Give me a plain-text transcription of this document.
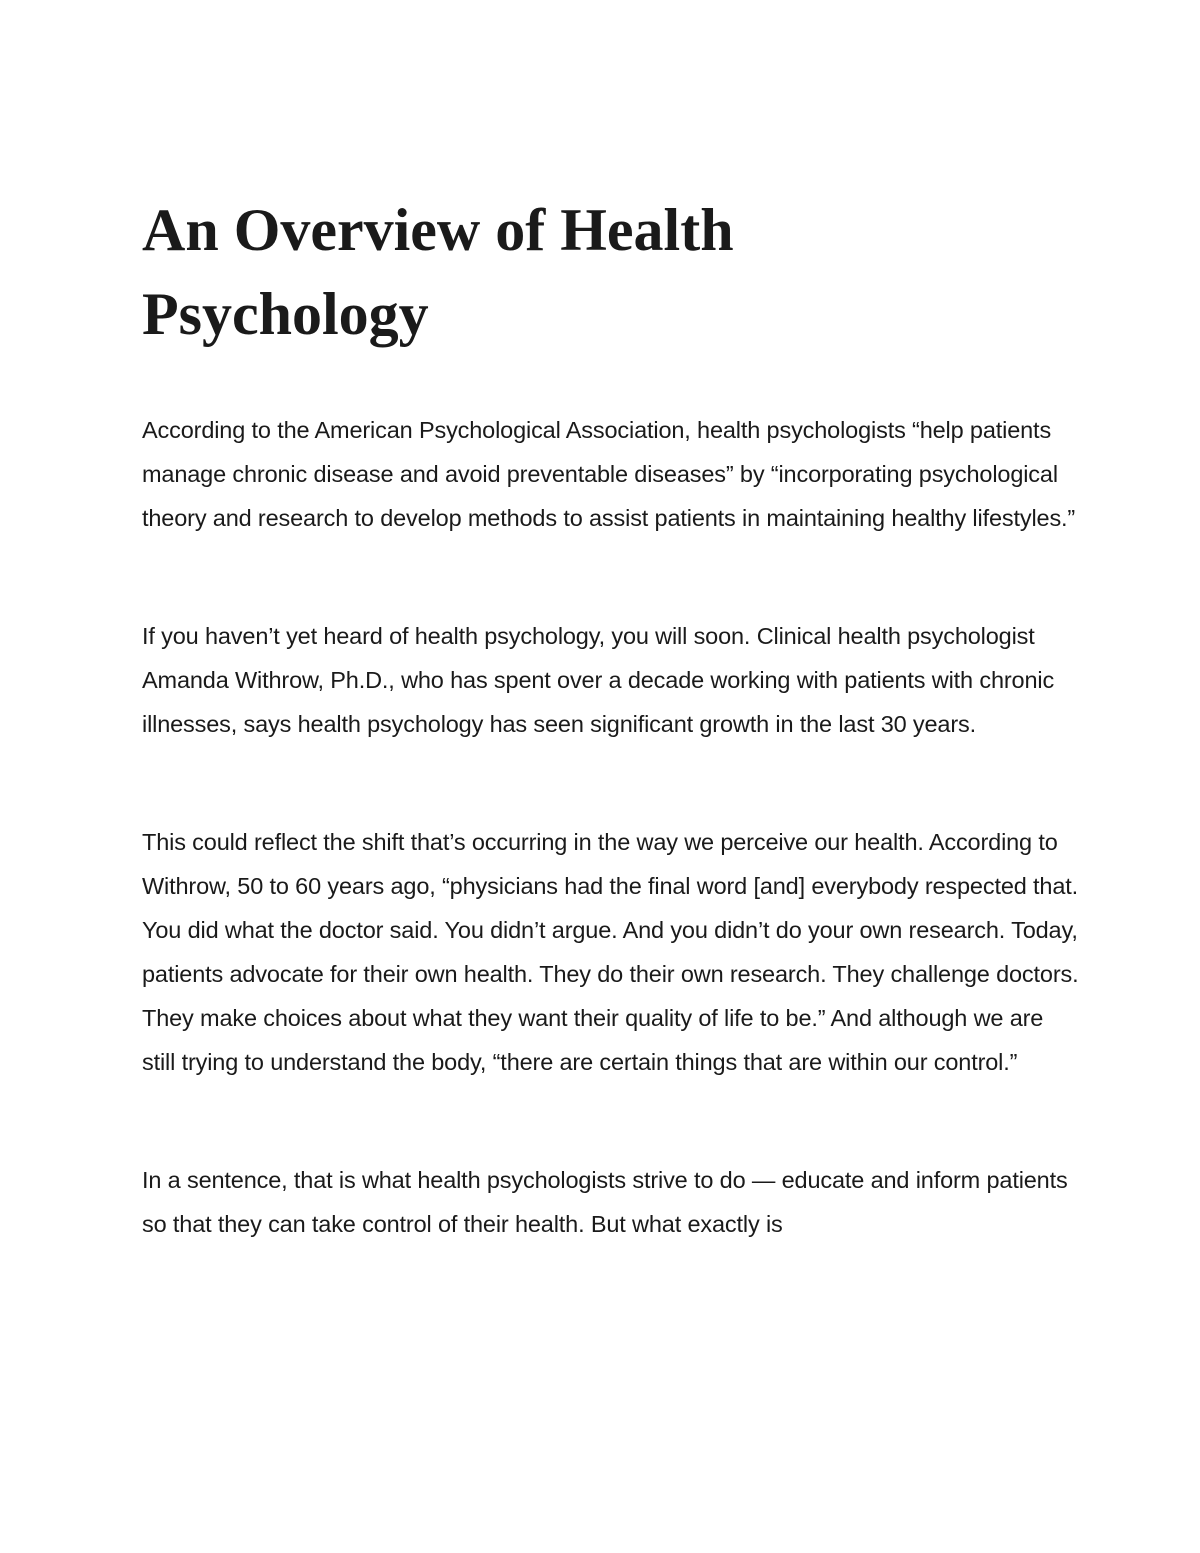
An Overview of Health Psychology

According to the American Psychological Association, health psychologists “help patients manage chronic disease and avoid preventable diseases” by “incorporating psychological theory and research to develop methods to assist patients in maintaining healthy lifestyles.”

If you haven’t yet heard of health psychology, you will soon. Clinical health psychologist Amanda Withrow, Ph.D., who has spent over a decade working with patients with chronic illnesses, says health psychology has seen significant growth in the last 30 years.

This could reflect the shift that’s occurring in the way we perceive our health. According to Withrow, 50 to 60 years ago, “physicians had the final word [and] everybody respected that. You did what the doctor said. You didn’t argue. And you didn’t do your own research. Today, patients advocate for their own health. They do their own research. They challenge doctors. They make choices about what they want their quality of life to be.” And although we are still trying to understand the body, “there are certain things that are within our control.”

In a sentence, that is what health psychologists strive to do — educate and inform patients so that they can take control of their health. But what exactly is
